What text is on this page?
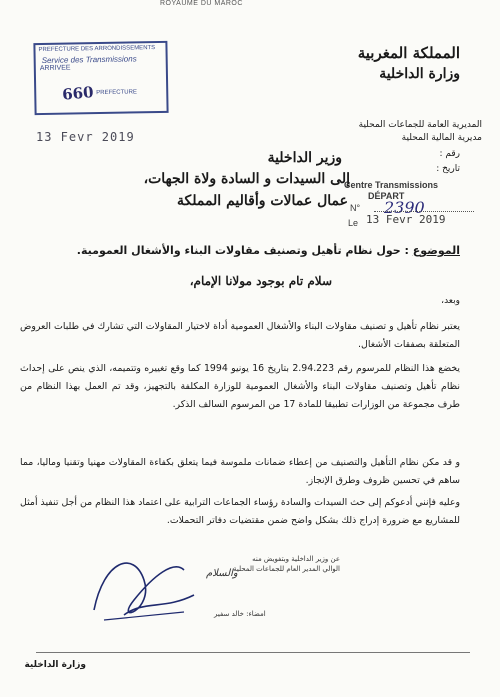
ROYAUME DU MAROC
PREFECTURE DES ARRONDISSEMENTS
Service des Transmissions
ARRIVEE
660 PREFECTURE
13 Fevr 2019
المملكة المغربية
وزارة الداخلية
المديرية العامة للجماعات المحلية
مديرية المالية المحلية
رقم :
تاريخ :
Centre Transmissions
DÉPART
N° 2390
Le 13 Fevr 2019
وزير الداخلية
إلى السيدات و السادة ولاة الجهات،
عمال عمالات وأقاليم المملكة
الموضوع : حول نظام تأهيل وتصنيف مقاولات البناء والأشغال العمومية.
سلام تام بوجود مولانا الإمام،
وبعد،
يعتبر نظام تأهيل و تصنيف مقاولات البناء والأشغال العمومية أداة لاختيار المقاولات التي تشارك في طلبات العروض المتعلقة بصفقات الأشغال.
يخضع هذا النظام للمرسوم رقم 2.94.223 بتاريخ 16 يونيو 1994 كما وقع تغييره وتتميمه، الذي ينص على إحداث نظام تأهيل وتصنيف مقاولات البناء والأشغال العمومية للوزارة المكلفة بالتجهيز، وقد تم العمل بهذا النظام من طرف مجموعة من الوزارات تطبيقا للمادة 17 من المرسوم السالف الذكر.
و قد مكن نظام التأهيل والتصنيف من إعطاء ضمانات ملموسة فيما يتعلق بكفاءة المقاولات مهنيا وتقنيا وماليا، مما ساهم في تحسين ظروف وطرق الإنجاز.
وعليه فإنني أدعوكم إلى حث السيدات والسادة رؤساء الجماعات الترابية على اعتماد هذا النظام من أجل تنفيذ أمثل للمشاريع مع ضرورة إدراج ذلك بشكل واضح ضمن مقتضيات دفاتر التحملات.
عن وزير الداخلية وبتفويض منه
الوالي المدير العام للجماعات المحلية
والسلام
امضاء: خالد سفير
وزارة الداخلية
